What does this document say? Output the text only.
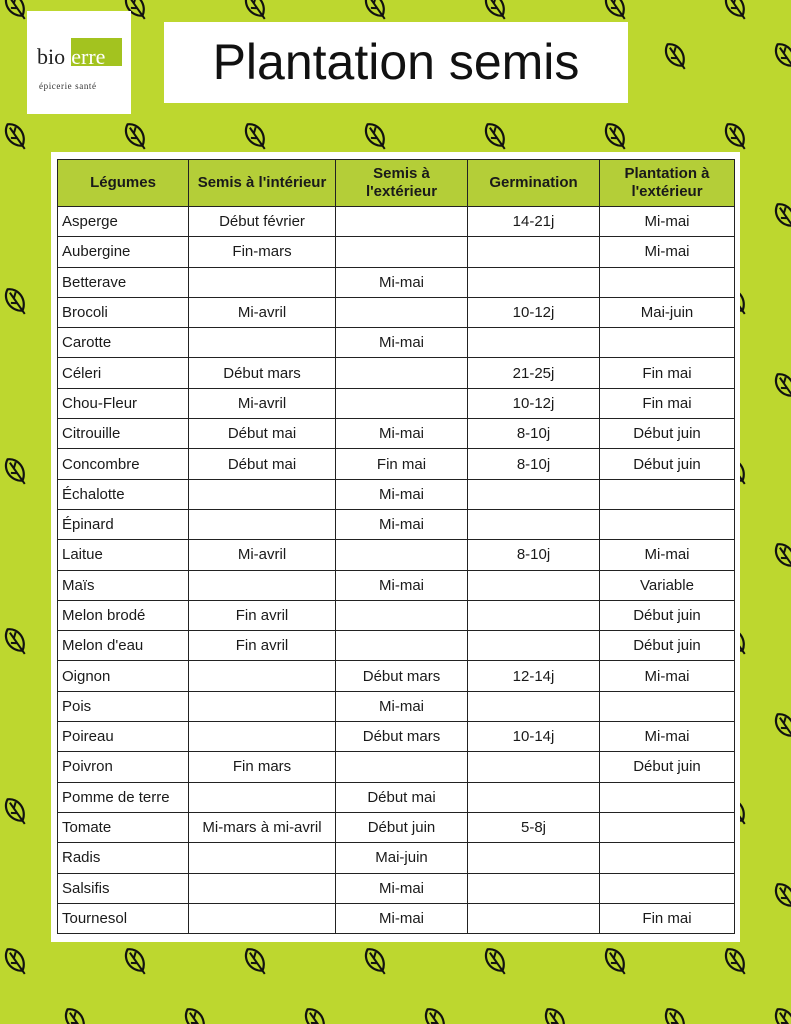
bioterre
épicerie santé	Plantation semis
Légumes	Semis à l'intérieur	Semis à l'extérieur	Germination	Plantation à l'extérieur
Asperge	Début février		14-21j	Mi-mai
Aubergine	Fin-mars			Mi-mai
Betterave		Mi-mai		
Brocoli	Mi-avril		10-12j	Mai-juin
Carotte		Mi-mai		
Céleri	Début mars		21-25j	Fin mai
Chou-Fleur	Mi-avril		10-12j	Fin mai
Citrouille	Début mai	Mi-mai	8-10j	Début juin
Concombre	Début mai	Fin mai	8-10j	Début juin
Échalotte		Mi-mai		
Épinard		Mi-mai		
Laitue	Mi-avril		8-10j	Mi-mai
Maïs		Mi-mai		Variable
Melon brodé	Fin avril			Début juin
Melon d'eau	Fin avril			Début juin
Oignon		Début mars	12-14j	Mi-mai
Pois		Mi-mai		
Poireau		Début mars	10-14j	Mi-mai
Poivron	Fin mars			Début juin
Pomme de terre		Début mai		
Tomate	Mi-mars à mi-avril	Début juin	5-8j	
Radis		Mai-juin		
Salsifis		Mi-mai		
Tournesol		Mi-mai		Fin mai
